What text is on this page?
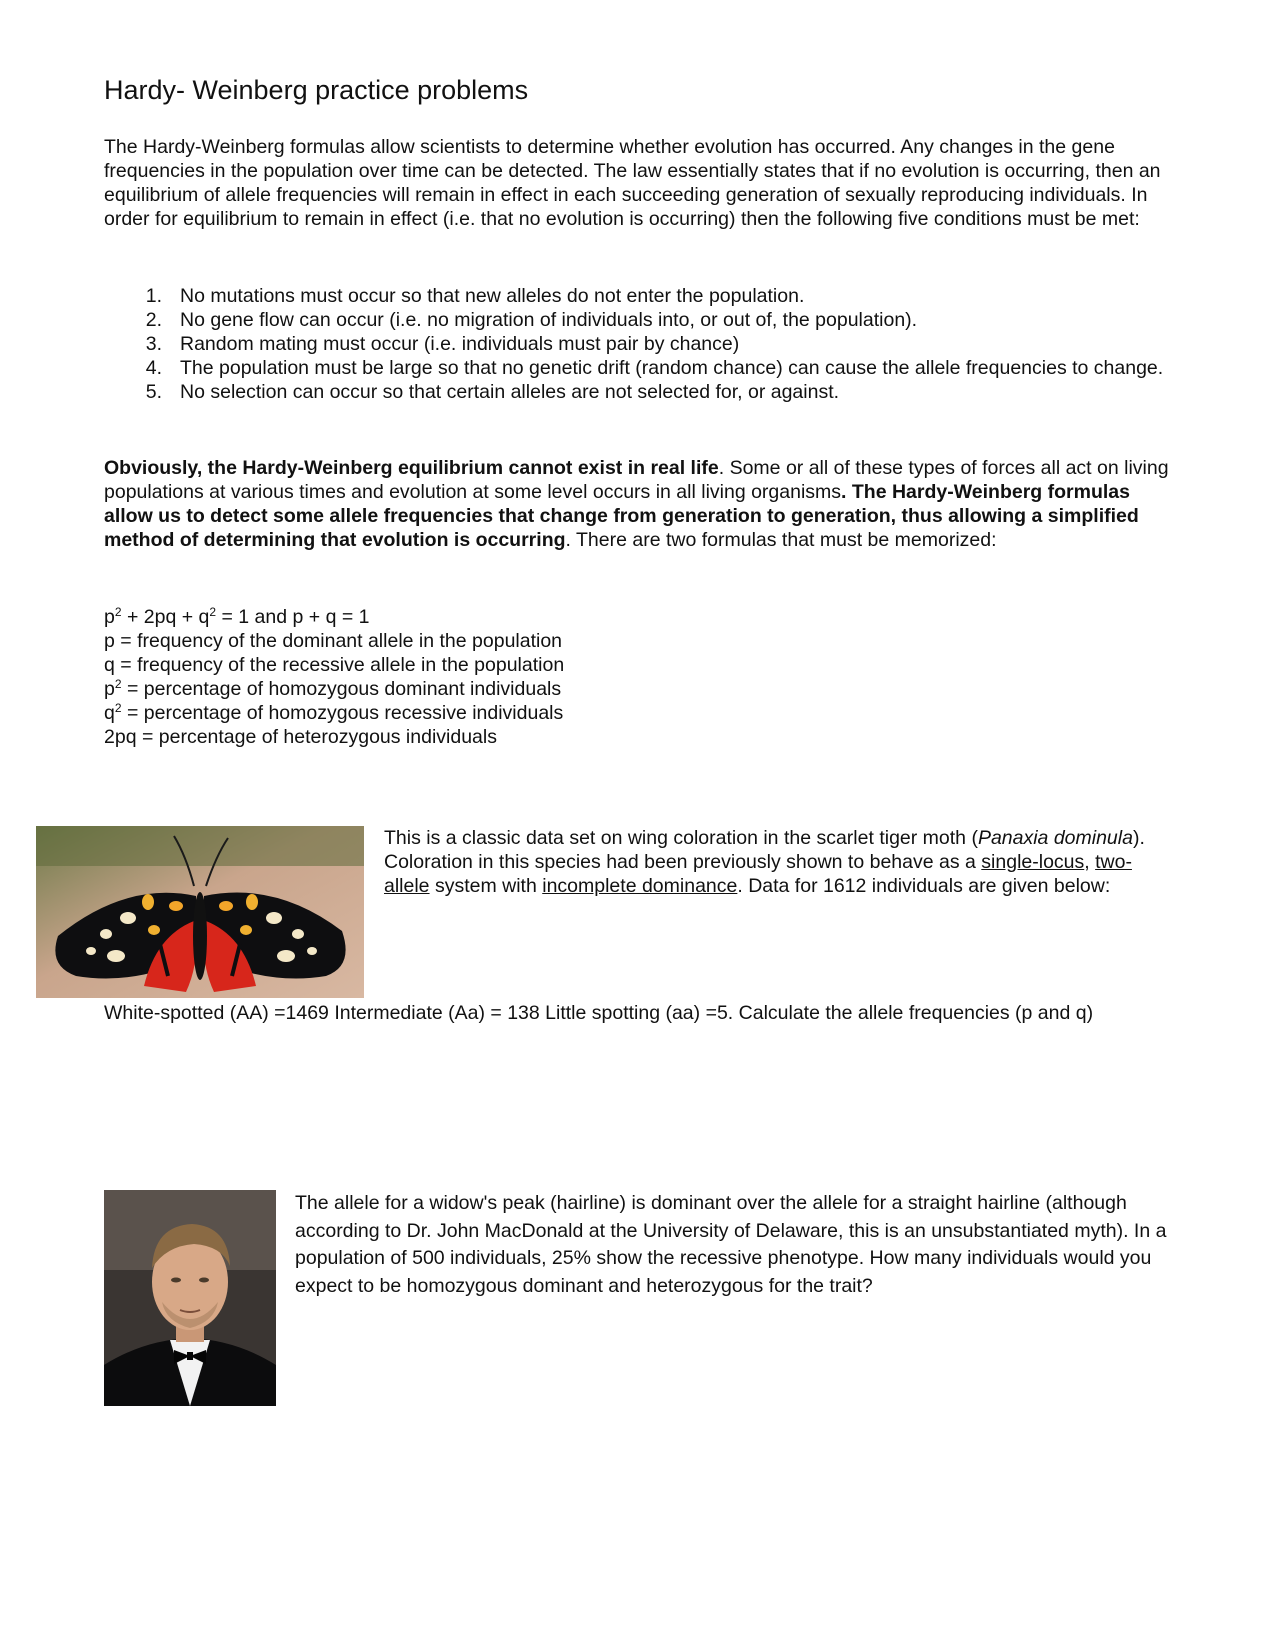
Hardy- Weinberg practice problems
The Hardy-Weinberg formulas allow scientists to determine whether evolution has occurred. Any changes in the gene frequencies in the population over time can be detected. The law essentially states that if no evolution is occurring, then an equilibrium of allele frequencies will remain in effect in each succeeding generation of sexually reproducing individuals. In order for equilibrium to remain in effect (i.e. that no evolution is occurring) then the following five conditions must be met:
1. No mutations must occur so that new alleles do not enter the population.
2. No gene flow can occur (i.e. no migration of individuals into, or out of, the population).
3. Random mating must occur (i.e. individuals must pair by chance)
4. The population must be large so that no genetic drift (random chance) can cause the allele frequencies to change.
5. No selection can occur so that certain alleles are not selected for, or against.
Obviously, the Hardy-Weinberg equilibrium cannot exist in real life. Some or all of these types of forces all act on living populations at various times and evolution at some level occurs in all living organisms. The Hardy-Weinberg formulas allow us to detect some allele frequencies that change from generation to generation, thus allowing a simplified method of determining that evolution is occurring. There are two formulas that must be memorized:
$p^2 + 2pq + q^2 = 1$ and p + q = 1
p = frequency of the dominant allele in the population
q = frequency of the recessive allele in the population
$p^2$ = percentage of homozygous dominant individuals
$q^2$ = percentage of homozygous recessive individuals
2pq = percentage of heterozygous individuals
This is a classic data set on wing coloration in the scarlet tiger moth (Panaxia dominula). Coloration in this species had been previously shown to behave as a single-locus, two-allele system with incomplete dominance. Data for 1612 individuals are given below:
White-spotted (AA) =1469 Intermediate (Aa) = 138 Little spotting (aa) =5. Calculate the allele frequencies (p and q)
The allele for a widow's peak (hairline) is dominant over the allele for a straight hairline (although according to Dr. John MacDonald at the University of Delaware, this is an unsubstantiated myth). In a population of 500 individuals, 25% show the recessive phenotype. How many individuals would you expect to be homozygous dominant and heterozygous for the trait?
